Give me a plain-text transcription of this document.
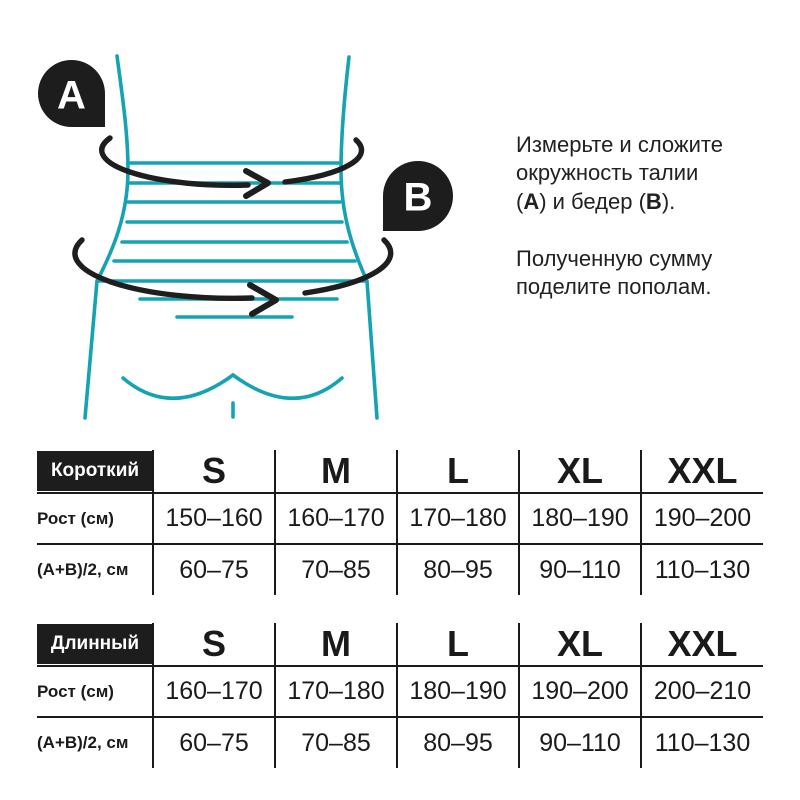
А
В
Измерьте и сложите
окружность талии
(А) и бедер (В).

Полученную сумму
поделите пополам.
Короткий	S	M	L	XL	XXL
Рост (см)	150–160	160–170	170–180	180–190	190–200
(А+В)/2, см	60–75	70–85	80–95	90–110	110–130
Длинный	S	M	L	XL	XXL
Рост (см)	160–170	170–180	180–190	190–200	200–210
(А+В)/2, см	60–75	70–85	80–95	90–110	110–130
